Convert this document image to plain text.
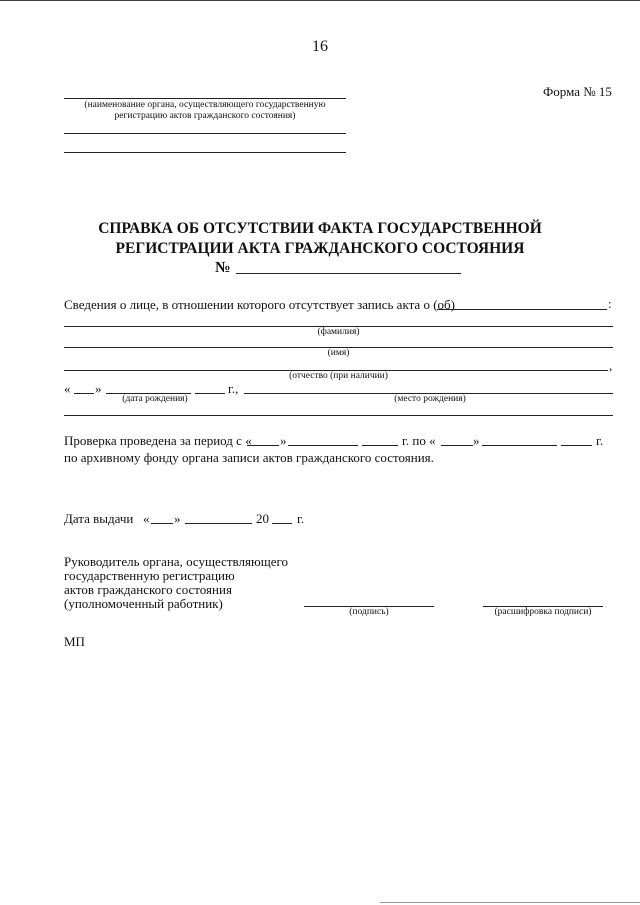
16
Форма № 15
(наименование органа, осуществляющего государственную
регистрацию актов гражданского состояния)
СПРАВКА ОБ ОТСУТСТВИИ ФАКТА ГОСУДАРСТВЕННОЙ
РЕГИСТРАЦИИ АКТА ГРАЖДАНСКОГО СОСТОЯНИЯ
№
Сведения о лице, в отношении которого отсутствует запись акта о (об)	:
(фамилия)
(имя)
,
(отчество (при наличии)
« »	г.,
(дата рождения)	(место рождения)
Проверка проведена за период с « »	г. по «	»	г.
по архивному фонду органа записи актов гражданского состояния.
Дата выдачи « »	20 г.
Руководитель органа, осуществляющего
государственную регистрацию
актов гражданского состояния
(уполномоченный работник)
(подпись)	(расшифровка подписи)
МП
